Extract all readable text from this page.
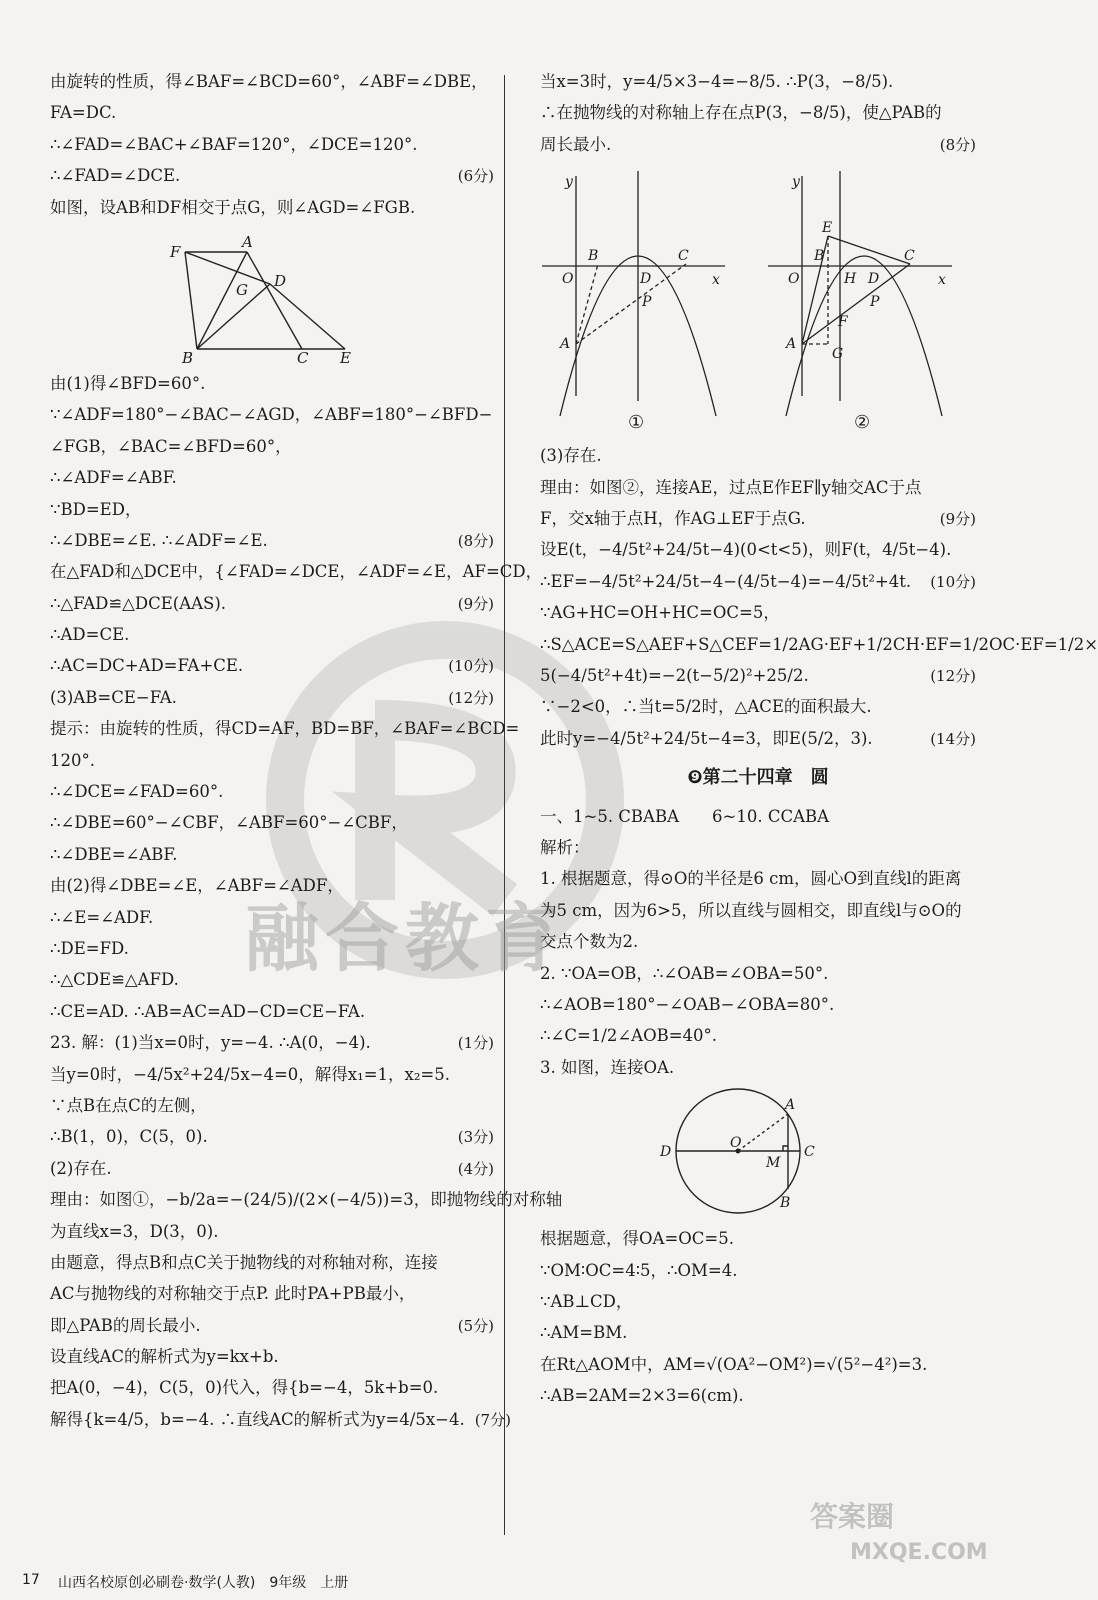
融合教育
答案圈
MXQE.COM
由旋转的性质，得∠BAF=∠BCD=60°，∠ABF=∠DBE，
FA=DC.
∴∠FAD=∠BAC+∠BAF=120°，∠DCE=120°.
∴∠FAD=∠DCE.	(6分)
如图，设AB和DF相交于点G，则∠AGD=∠FGB.
F
A
D
G
B	C E
由(1)得∠BFD=60°.
∵∠ADF=180°−∠BAC−∠AGD，∠ABF=180°−∠BFD−
∠FGB，∠BAC=∠BFD=60°，
∴∠ADF=∠ABF.
∵BD=ED，
∴∠DBE=∠E. ∴∠ADF=∠E.	(8分)
在△FAD和△DCE中，{∠FAD=∠DCE，∠ADF=∠E，AF=CD，
∴△FAD≌△DCE(AAS).	(9分)
∴AD=CE.
∴AC=DC+AD=FA+CE.	(10分)
(3)AB=CE−FA.	(12分)
提示：由旋转的性质，得CD=AF，BD=BF，∠BAF=∠BCD=
120°.
∴∠DCE=∠FAD=60°.
∴∠DBE=60°−∠CBF，∠ABF=60°−∠CBF，
∴∠DBE=∠ABF.
由(2)得∠DBE=∠E，∠ABF=∠ADF，
∴∠E=∠ADF.
∴DE=FD.
∴△CDE≌△AFD.
∴CE=AD. ∴AB=AC=AD−CD=CE−FA.
23. 解：(1)当x=0时，y=−4. ∴A(0，−4).	(1分)
当y=0时，−4/5x²+24/5x−4=0，解得x₁=1，x₂=5.
∵点B在点C的左侧，
∴B(1，0)，C(5，0).	(3分)
(2)存在.	(4分)
理由：如图①，−b/2a=−(24/5)/(2×(−4/5))=3，即抛物线的对称轴
为直线x=3，D(3，0).
由题意，得点B和点C关于抛物线的对称轴对称，连接
AC与抛物线的对称轴交于点P. 此时PA+PB最小，
即△PAB的周长最小.	(5分)
设直线AC的解析式为y=kx+b.
把A(0，−4)，C(5，0)代入，得{b=−4，5k+b=0.
解得{k=4/5，b=−4. ∴直线AC的解析式为y=4/5x−4. (7分)
当x=3时，y=4/5×3−4=−8/5. ∴P(3，−8/5).
∴在抛物线的对称轴上存在点P(3，−8/5)，使△PAB的
周长最小.	(8分)
y
x
O
B	C
D
P
A
y
x
O
B	C
E
H D
P
F
G
A
①	②
(3)存在.
理由：如图②，连接AE，过点E作EF∥y轴交AC于点
F，交x轴于点H，作AG⊥EF于点G.	(9分)
设E(t，−4/5t²+24/5t−4)(0<t<5)，则F(t，4/5t−4).
∴EF=−4/5t²+24/5t−4−(4/5t−4)=−4/5t²+4t.	(10分)
∵AG+HC=OH+HC=OC=5，
∴S△ACE=S△AEF+S△CEF=1/2AG·EF+1/2CH·EF=1/2OC·EF=1/2×
5(−4/5t²+4t)=−2(t−5/2)²+25/2.	(12分)
∵−2<0，∴当t=5/2时，△ACE的面积最大.
此时y=−4/5t²+24/5t−4=3，即E(5/2，3).	(14分)
❾第二十四章　圆
一、1~5. CBABA　　6~10. CCABA
解析：
1. 根据题意，得⊙O的半径是6 cm，圆心O到直线l的距离
为5 cm，因为6>5，所以直线与圆相交，即直线l与⊙O的
交点个数为2.
2. ∵OA=OB，∴∠OAB=∠OBA=50°.
∴∠AOB=180°−∠OAB−∠OBA=80°.
∴∠C=1/2∠AOB=40°.
3. 如图，连接OA.
A
O
D
M
C
B
根据题意，得OA=OC=5.
∵OM∶OC=4∶5，∴OM=4.
∵AB⊥CD，
∴AM=BM.
在Rt△AOM中，AM=√(OA²−OM²)=√(5²−4²)=3.
∴AB=2AM=2×3=6(cm).
17 山西名校原创必刷卷·数学(人教)　9年级　上册
